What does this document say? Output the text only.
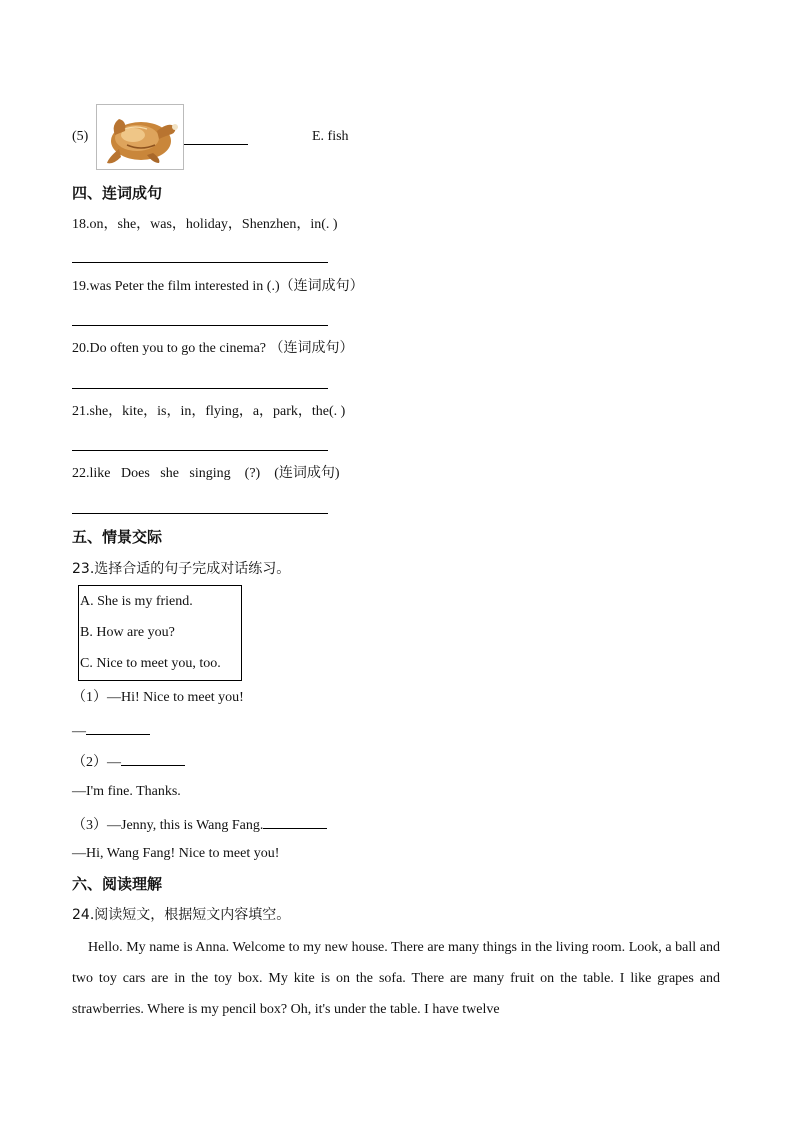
(5)	E. fish
四、连词成句
18.on，she，was，holiday，Shenzhen，in(. )
19.was Peter the film interested in (.)（连词成句）
20.Do often you to go the cinema? （连词成句）
21.she，kite，is，in，flying，a，park，the(. )
22.like   Does   she   singing    (?)    (连词成句)
五、情景交际
23.选择合适的句子完成对话练习。
A. She is my friend.
B. How are you?
C. Nice to meet you, too.
（1）—Hi! Nice to meet you!
—
（2）—
—I'm fine. Thanks.
（3）—Jenny, this is Wang Fang.
—Hi, Wang Fang! Nice to meet you!
六、阅读理解
24.阅读短文，根据短文内容填空。
Hello. My name is Anna. Welcome to my new house. There are many things in the living room. Look, a ball and two toy cars are in the toy box. My kite is on the sofa. There are many fruit on the table. I like grapes and strawberries. Where is my pencil box? Oh, it's under the table. I have twelve
